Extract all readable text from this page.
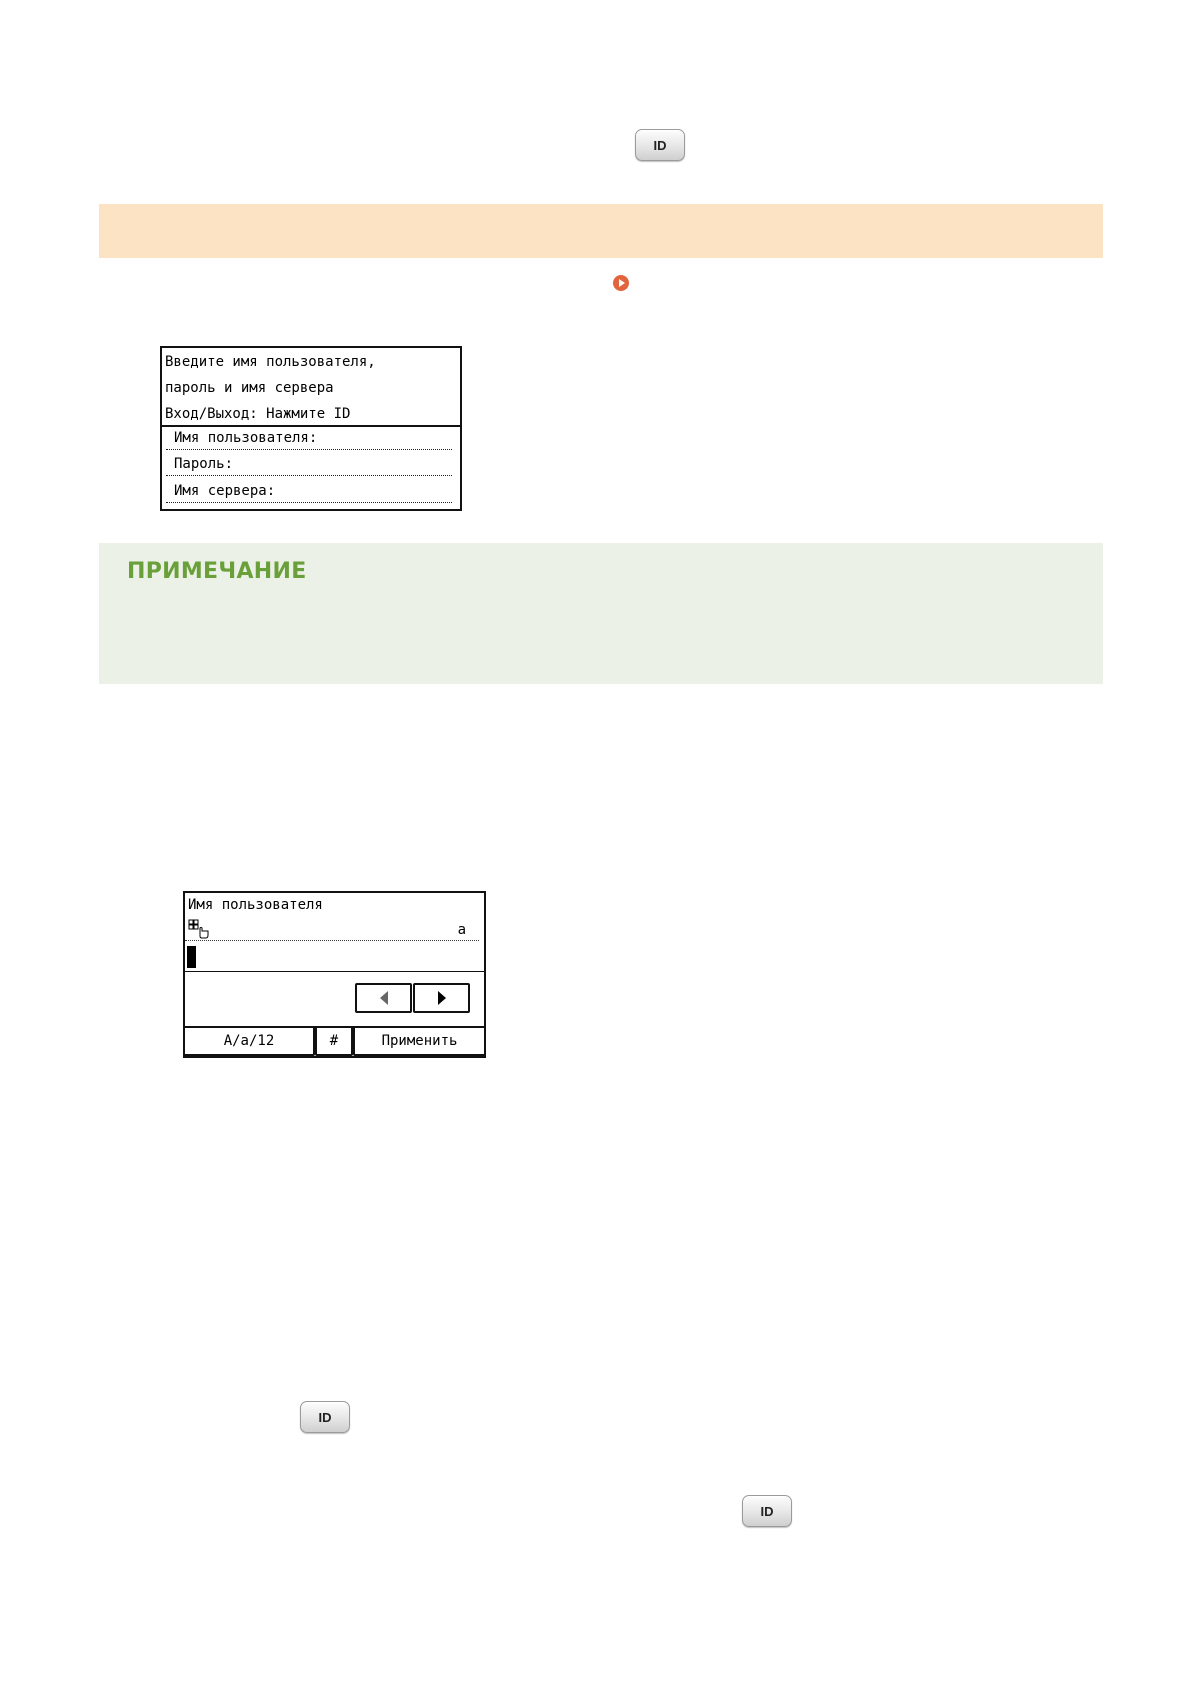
ID
Введите имя пользователя,
пароль и имя сервера
Вход/Выход: Нажмите ID
Имя пользователя:
Пароль:
Имя сервера:
ПРИМЕЧАНИЕ
Имя пользователя
a
A/a/12	#	Применить
ID
ID
